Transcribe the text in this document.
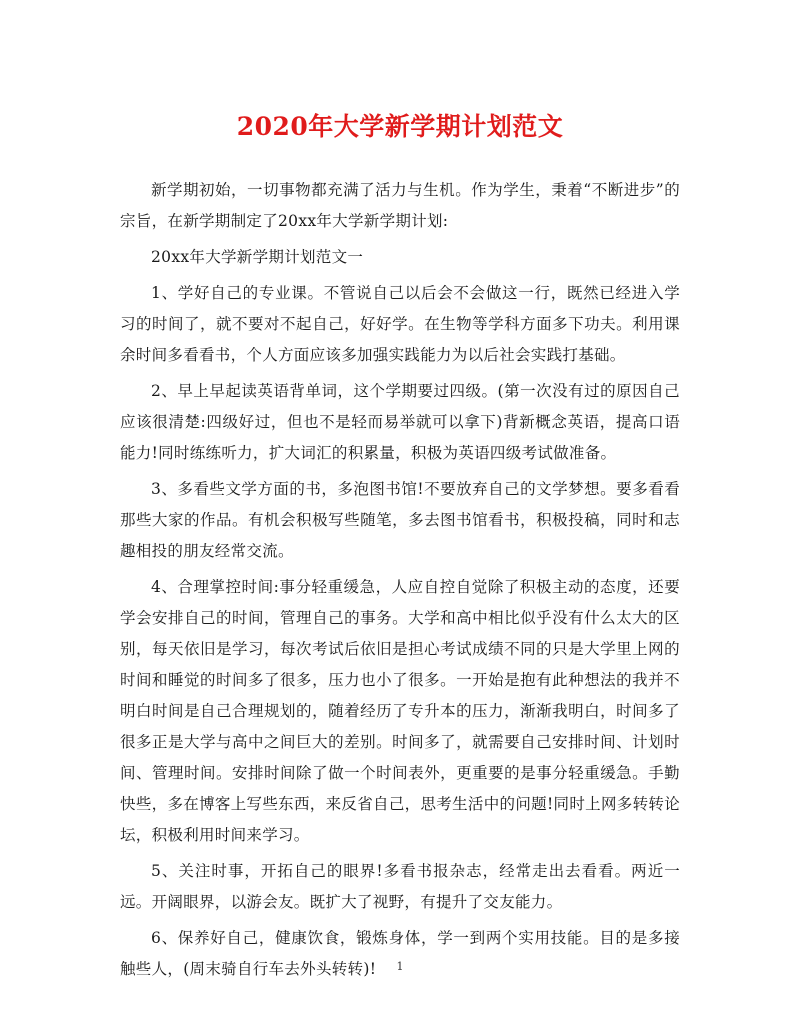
2020年大学新学期计划范文

新学期初始，一切事物都充满了活力与生机。作为学生，秉着“不断进步”的宗旨，在新学期制定了20xx年大学新学期计划:

20xx年大学新学期计划范文一

1、学好自己的专业课。不管说自己以后会不会做这一行，既然已经进入学习的时间了，就不要对不起自己，好好学。在生物等学科方面多下功夫。利用课余时间多看看书，个人方面应该多加强实践能力为以后社会实践打基础。

2、早上早起读英语背单词，这个学期要过四级。(第一次没有过的原因自己应该很清楚:四级好过，但也不是轻而易举就可以拿下)背新概念英语，提高口语能力!同时练练听力，扩大词汇的积累量，积极为英语四级考试做准备。

3、多看些文学方面的书，多泡图书馆!不要放弃自己的文学梦想。要多看看那些大家的作品。有机会积极写些随笔，多去图书馆看书，积极投稿，同时和志趣相投的朋友经常交流。

4、合理掌控时间:事分轻重缓急，人应自控自觉除了积极主动的态度，还要学会安排自己的时间，管理自己的事务。大学和高中相比似乎没有什么太大的区别，每天依旧是学习，每次考试后依旧是担心考试成绩不同的只是大学里上网的时间和睡觉的时间多了很多，压力也小了很多。一开始是抱有此种想法的我并不明白时间是自己合理规划的，随着经历了专升本的压力，渐渐我明白，时间多了很多正是大学与高中之间巨大的差别。时间多了，就需要自己安排时间、计划时间、管理时间。安排时间除了做一个时间表外，更重要的是事分轻重缓急。手勤快些，多在博客上写些东西，来反省自己，思考生活中的问题!同时上网多转转论坛，积极利用时间来学习。

5、关注时事，开拓自己的眼界!多看书报杂志，经常走出去看看。两近一远。开阔眼界，以游会友。既扩大了视野，有提升了交友能力。

6、保养好自己，健康饮食，锻炼身体，学一到两个实用技能。目的是多接触些人，(周末骑自行车去外头转转)!	1
